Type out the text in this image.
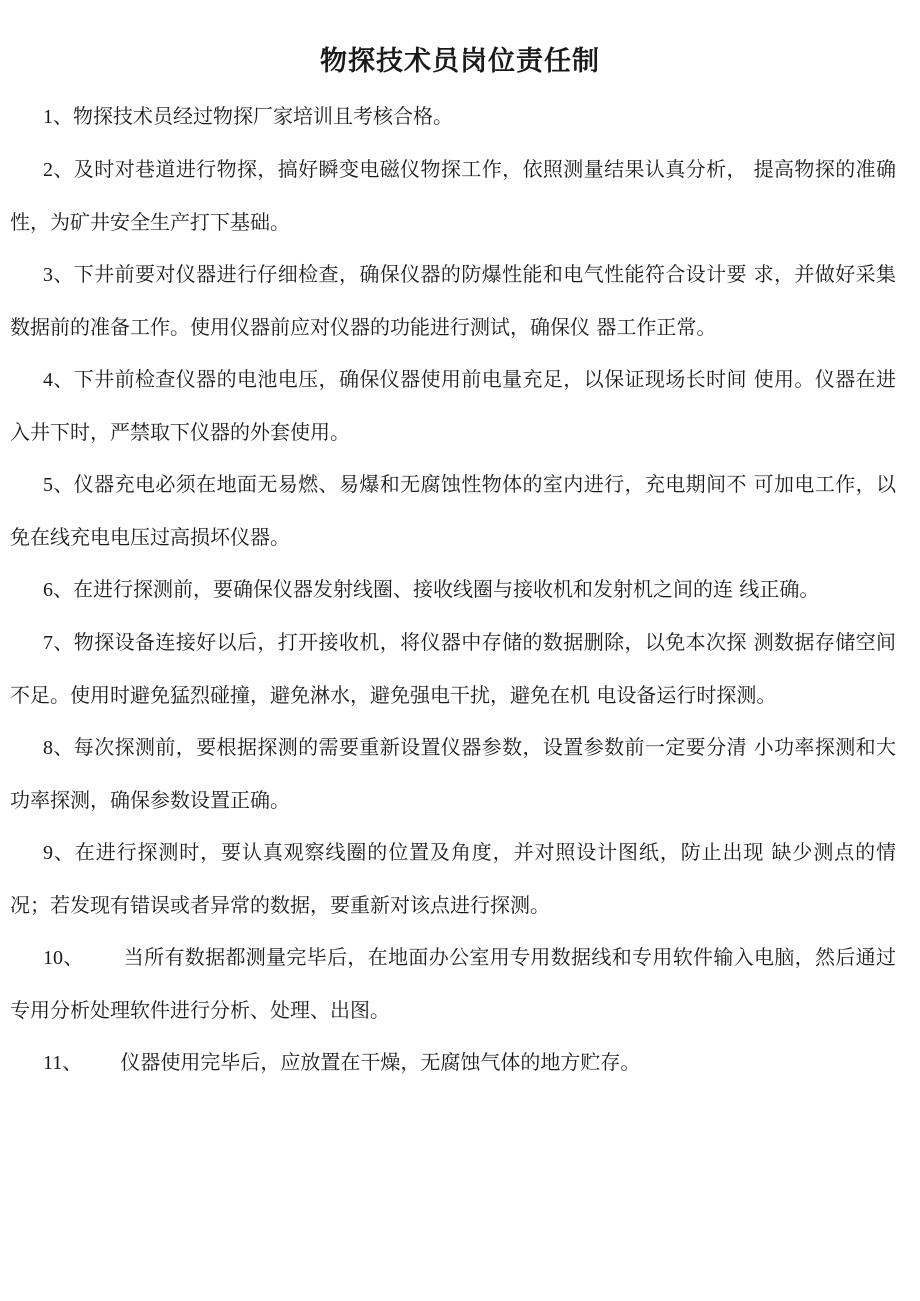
物探技术员岗位责任制

1、物探技术员经过物探厂家培训且考核合格。

2、及时对巷道进行物探，搞好瞬变电磁仪物探工作，依照测量结果认真分析， 提高物探的准确性，为矿井安全生产打下基础。

3、下井前要对仪器进行仔细检查，确保仪器的防爆性能和电气性能符合设计要 求，并做好采集数据前的准备工作。使用仪器前应对仪器的功能进行测试，确保仪 器工作正常。

4、下井前检查仪器的电池电压，确保仪器使用前电量充足，以保证现场长时间 使用。仪器在进入井下时，严禁取下仪器的外套使用。

5、仪器充电必须在地面无易燃、易爆和无腐蚀性物体的室内进行，充电期间不 可加电工作，以免在线充电电压过高损坏仪器。

6、在进行探测前，要确保仪器发射线圈、接收线圈与接收机和发射机之间的连 线正确。

7、物探设备连接好以后，打开接收机，将仪器中存储的数据删除，以免本次探 测数据存储空间不足。使用时避免猛烈碰撞，避免淋水，避免强电干扰，避免在机 电设备运行时探测。

8、每次探测前，要根据探测的需要重新设置仪器参数，设置参数前一定要分清 小功率探测和大功率探测，确保参数设置正确。

9、在进行探测时，要认真观察线圈的位置及角度，并对照设计图纸，防止出现 缺少测点的情况；若发现有错误或者异常的数据，要重新对该点进行探测。

10、 当所有数据都测量完毕后，在地面办公室用专用数据线和专用软件输入电脑，然后通过专用分析处理软件进行分析、处理、出图。

11、 仪器使用完毕后，应放置在干燥，无腐蚀气体的地方贮存。
